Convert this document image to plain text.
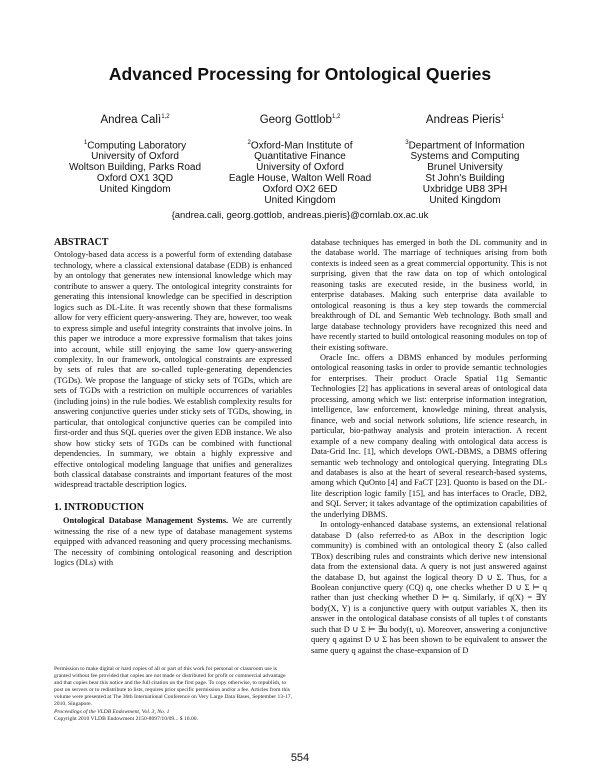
Advanced Processing for Ontological Queries
Andrea Calì$^{1,2}$
$^1$Computing Laboratory
University of Oxford
Woltson Building, Parks Road
Oxford OX1 3QD
United Kingdom
Georg Gottlob$^{1,2}$
$^2$Oxford-Man Institute of
Quantitative Finance
University of Oxford
Eagle House, Walton Well Road
Oxford OX2 6ED
United Kingdom
Andreas Pieris$^1$
$^3$Department of Information
Systems and Computing
Brunel University
St John's Building
Uxbridge UB8 3PH
United Kingdom
{andrea.cali, georg.gottlob, andreas.pieris}@comlab.ox.ac.uk
ABSTRACT

Ontology-based data access is a powerful form of extending database technology, where a classical extensional database (EDB) is enhanced by an ontology that generates new intensional knowledge which may contribute to answer a query. The ontological integrity constraints for generating this intensional knowledge can be specified in description logics such as DL-Lite. It was recently shown that these formalisms allow for very efficient query-answering. They are, however, too weak to express simple and useful integrity constraints that involve joins. In this paper we introduce a more expressive formalism that takes joins into account, while still enjoying the same low query-answering complexity. In our framework, ontological constraints are expressed by sets of rules that are so-called tuple-generating dependencies (TGDs). We propose the language of sticky sets of TGDs, which are sets of TGDs with a restriction on multiple occurrences of variables (including joins) in the rule bodies. We establish complexity results for answering conjunctive queries under sticky sets of TGDs, showing, in particular, that ontological conjunctive queries can be compiled into first-order and thus SQL queries over the given EDB instance. We also show how sticky sets of TGDs can be combined with functional dependencies. In summary, we obtain a highly expressive and effective ontological modeling language that unifies and generalizes both classical database constraints and important features of the most widespread tractable description logics.

1. INTRODUCTION

Ontological Database Management Systems. We are currently witnessing the rise of a new type of database management systems equipped with advanced reasoning and query processing mechanisms. The necessity of combining ontological reasoning and description logics (DLs) with

Permission to make digital or hard copies of all or part of this work for personal or classroom use is granted without fee provided that copies are not made or distributed for profit or commercial advantage and that copies bear this notice and the full citation on the first page. To copy otherwise, to republish, to post on servers or to redistribute to lists, requires prior specific permission and/or a fee. Articles from this volume were presented at The 36th International Conference on Very Large Data Bases, September 13-17, 2010, Singapore.

Proceedings of the VLDB Endowment, Vol. 3, No. 1

Copyright 2010 VLDB Endowment 2150-8097/10/09... $ 10.00.

database techniques has emerged in both the DL community and in the database world. The marriage of techniques arising from both contexts is indeed seen as a great commercial opportunity. This is not surprising, given that the raw data on top of which ontological reasoning tasks are executed reside, in the business world, in enterprise databases. Making such enterprise data available to ontological reasoning is thus a key step towards the commercial breakthrough of DL and Semantic Web technology. Both small and large database technology providers have recognized this need and have recently started to build ontological reasoning modules on top of their existing software.

Oracle Inc. offers a DBMS enhanced by modules performing ontological reasoning tasks in order to provide semantic technologies for enterprises. Their product Oracle Spatial 11g Semantic Technologies [2] has applications in several areas of ontological data processing, among which we list: enterprise information integration, intelligence, law enforcement, knowledge mining, threat analysis, finance, web and social network solutions, life science research, in particular, bio-pathway analysis and protein interaction. A recent example of a new company dealing with ontological data access is Data-Grid Inc. [1], which develops OWL-DBMS, a DBMS offering semantic web technology and ontological querying. Integrating DLs and databases is also at the heart of several research-based systems, among which QuOnto [4] and FaCT [23]. Quonto is based on the DL-lite description logic family [15], and has interfaces to Oracle, DB2, and SQL Server; it takes advantage of the optimization capabilities of the underlying DBMS.

In ontology-enhanced database systems, an extensional relational database D (also referred-to as ABox in the description logic community) is combined with an ontological theory Σ (also called TBox) describing rules and constraints which derive new intensional data from the extensional data. A query is not just answered against the database D, but against the logical theory D ∪ Σ. Thus, for a Boolean conjunctive query (CQ) q, one checks whether D ∪ Σ ⊨ q rather than just checking whether D ⊨ q. Similarly, if q(X) = ∃Y body(X, Y) is a conjunctive query with output variables X, then its answer in the ontological database consists of all tuples t of constants such that D ∪ Σ ⊨ ∃u body(t, u). Moreover, answering a conjunctive query q against D ∪ Σ has been shown to be equivalent to answer the same query q against the chase-expansion of D

554
